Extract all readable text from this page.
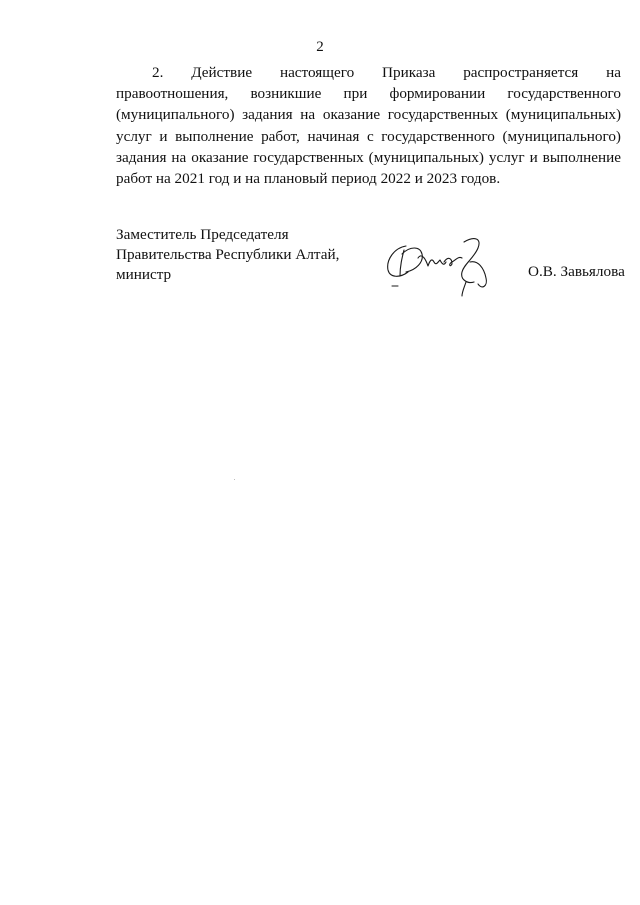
2
2. Действие настоящего Приказа распространяется на
правоотношения, возникшие при формировании государственного
(муниципального) задания на оказание государственных (муниципальных)
услуг и выполнение работ, начиная с государственного (муниципального)
задания на оказание государственных (муниципальных) услуг и выполнение
работ на 2021 год и на плановый период 2022 и 2023 годов.
Заместитель Председателя
Правительства Республики Алтай,
министр	О.В. Завьялова
